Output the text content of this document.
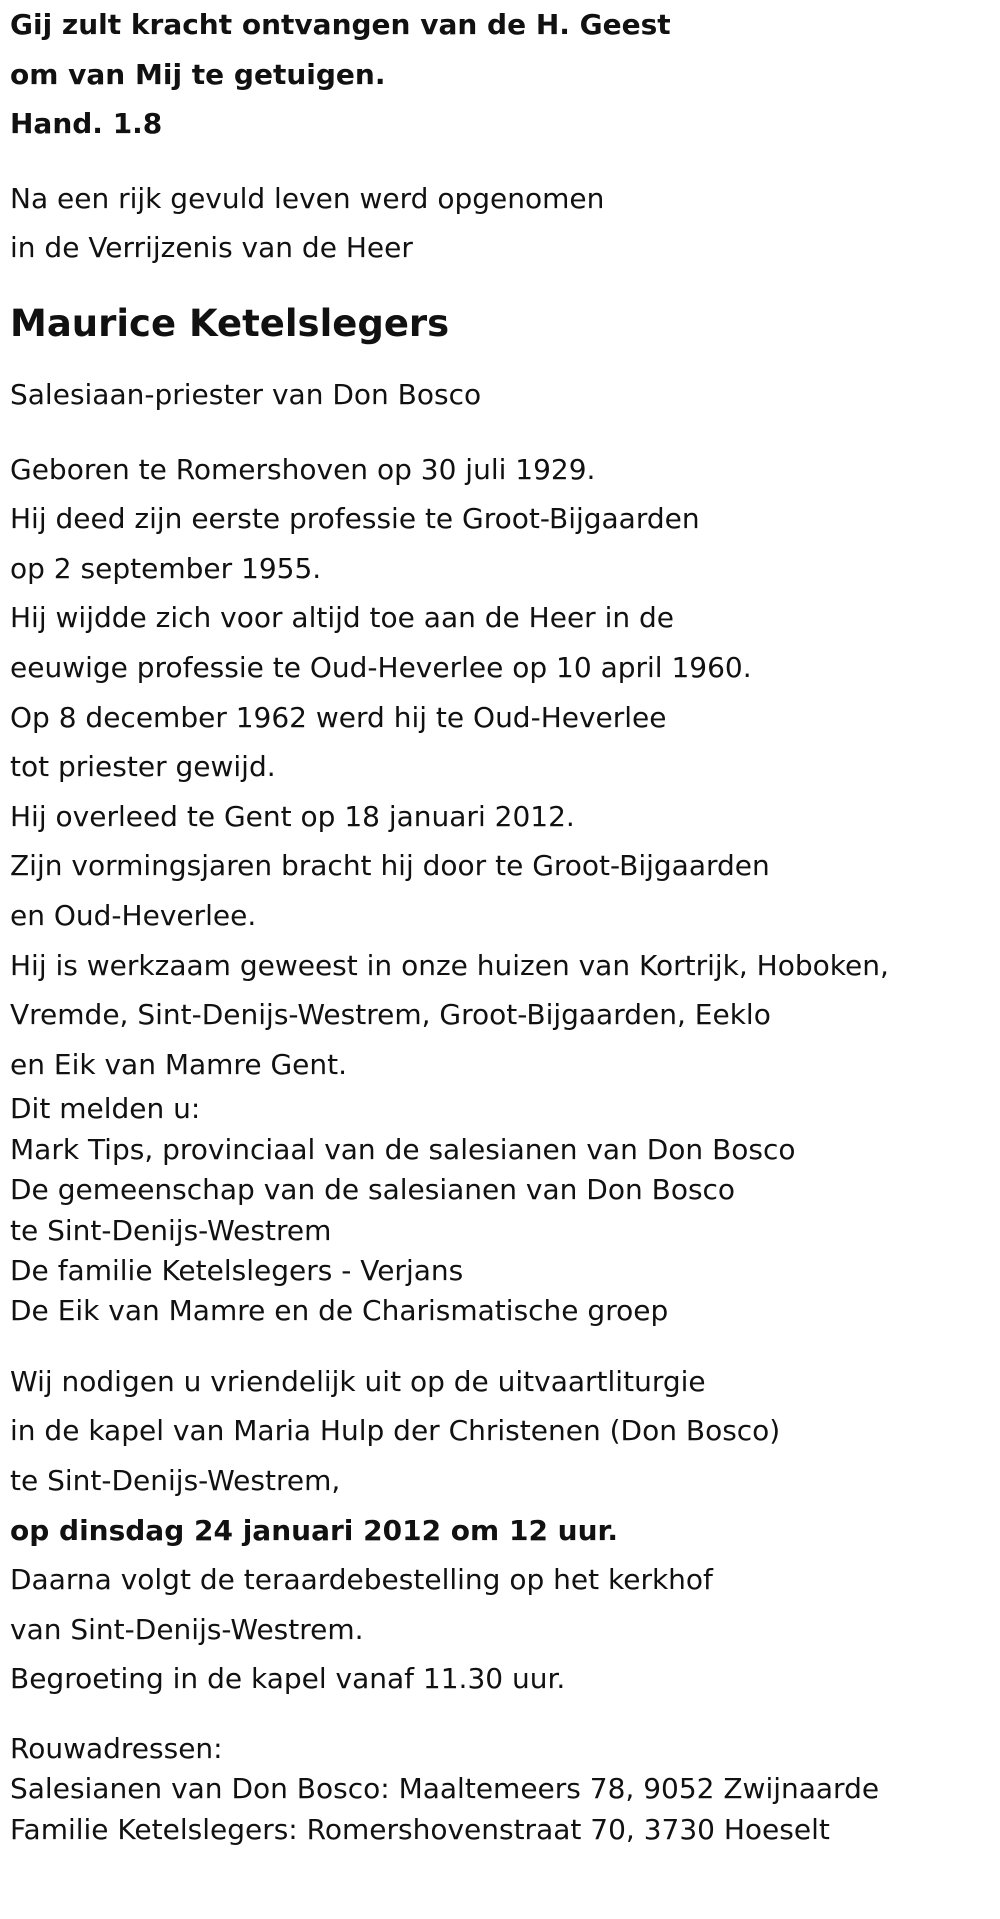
Gij zult kracht ontvangen van de H. Geest
om van Mij te getuigen.
Hand. 1.8
Na een rijk gevuld leven werd opgenomen
in de Verrijzenis van de Heer
Maurice Ketelslegers
Salesiaan-priester van Don Bosco
Geboren te Romershoven op 30 juli 1929.
Hij deed zijn eerste professie te Groot-Bijgaarden
op 2 september 1955.
Hij wijdde zich voor altijd toe aan de Heer in de
eeuwige professie te Oud-Heverlee op 10 april 1960.
Op 8 december 1962 werd hij te Oud-Heverlee
tot priester gewijd.
Hij overleed te Gent op 18 januari 2012.
Zijn vormingsjaren bracht hij door te Groot-Bijgaarden
en Oud-Heverlee.
Hij is werkzaam geweest in onze huizen van Kortrijk, Hoboken,
Vremde, Sint-Denijs-Westrem, Groot-Bijgaarden, Eeklo
en Eik van Mamre Gent.
Dit melden u:
Mark Tips, provinciaal van de salesianen van Don Bosco
De gemeenschap van de salesianen van Don Bosco
te Sint-Denijs-Westrem
De familie Ketelslegers - Verjans
De Eik van Mamre en de Charismatische groep
Wij nodigen u vriendelijk uit op de uitvaartliturgie
in de kapel van Maria Hulp der Christenen (Don Bosco)
te Sint-Denijs-Westrem,
op dinsdag 24 januari 2012 om 12 uur.
Daarna volgt de teraardebestelling op het kerkhof
van Sint-Denijs-Westrem.
Begroeting in de kapel vanaf 11.30 uur.
Rouwadressen:
Salesianen van Don Bosco: Maaltemeers 78, 9052 Zwijnaarde
Familie Ketelslegers: Romershovenstraat 70, 3730 Hoeselt
